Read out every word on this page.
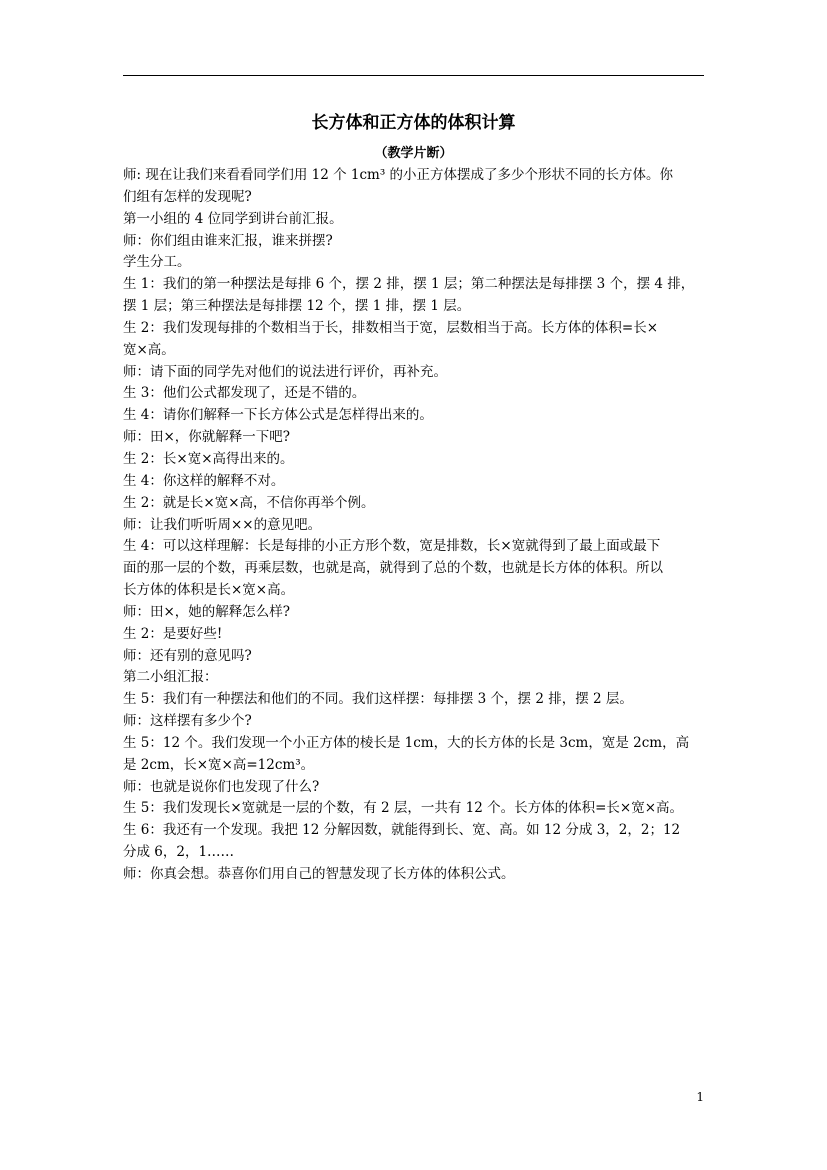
长方体和正方体的体积计算
（教学片断）
师: 现在让我们来看看同学们用 12 个 1cm³ 的小正方体摆成了多少个形状不同的长方体。你
们组有怎样的发现呢?
第一小组的 4 位同学到讲台前汇报。
师：你们组由谁来汇报，谁来拼摆?
学生分工。
生 1：我们的第一种摆法是每排 6 个，摆 2 排，摆 1 层；第二种摆法是每排摆 3 个，摆 4 排，
摆 1 层；第三种摆法是每排摆 12 个，摆 1 排，摆 1 层。
生 2：我们发现每排的个数相当于长，排数相当于宽，层数相当于高。长方体的体积=长×
宽×高。
师：请下面的同学先对他们的说法进行评价，再补充。
生 3：他们公式都发现了，还是不错的。
生 4：请你们解释一下长方体公式是怎样得出来的。
师：田×，你就解释一下吧?
生 2：长×宽×高得出来的。
生 4：你这样的解释不对。
生 2：就是长×宽×高，不信你再举个例。
师：让我们听听周××的意见吧。
生 4：可以这样理解：长是每排的小正方形个数，宽是排数，长×宽就得到了最上面或最下
面的那一层的个数，再乘层数，也就是高，就得到了总的个数，也就是长方体的体积。所以
长方体的体积是长×宽×高。
师：田×，她的解释怎么样?
生 2：是要好些!
师：还有别的意见吗?
第二小组汇报：
生 5：我们有一种摆法和他们的不同。我们这样摆：每排摆 3 个，摆 2 排，摆 2 层。
师：这样摆有多少个?
生 5：12 个。我们发现一个小正方体的棱长是 1cm，大的长方体的长是 3cm，宽是 2cm，高
是 2cm，长×宽×高=12cm³。
师：也就是说你们也发现了什么?
生 5：我们发现长×宽就是一层的个数，有 2 层，一共有 12 个。长方体的体积=长×宽×高。
生 6：我还有一个发现。我把 12 分解因数，就能得到长、宽、高。如 12 分成 3，2，2；12
分成 6，2，1……
师：你真会想。恭喜你们用自己的智慧发现了长方体的体积公式。
1
